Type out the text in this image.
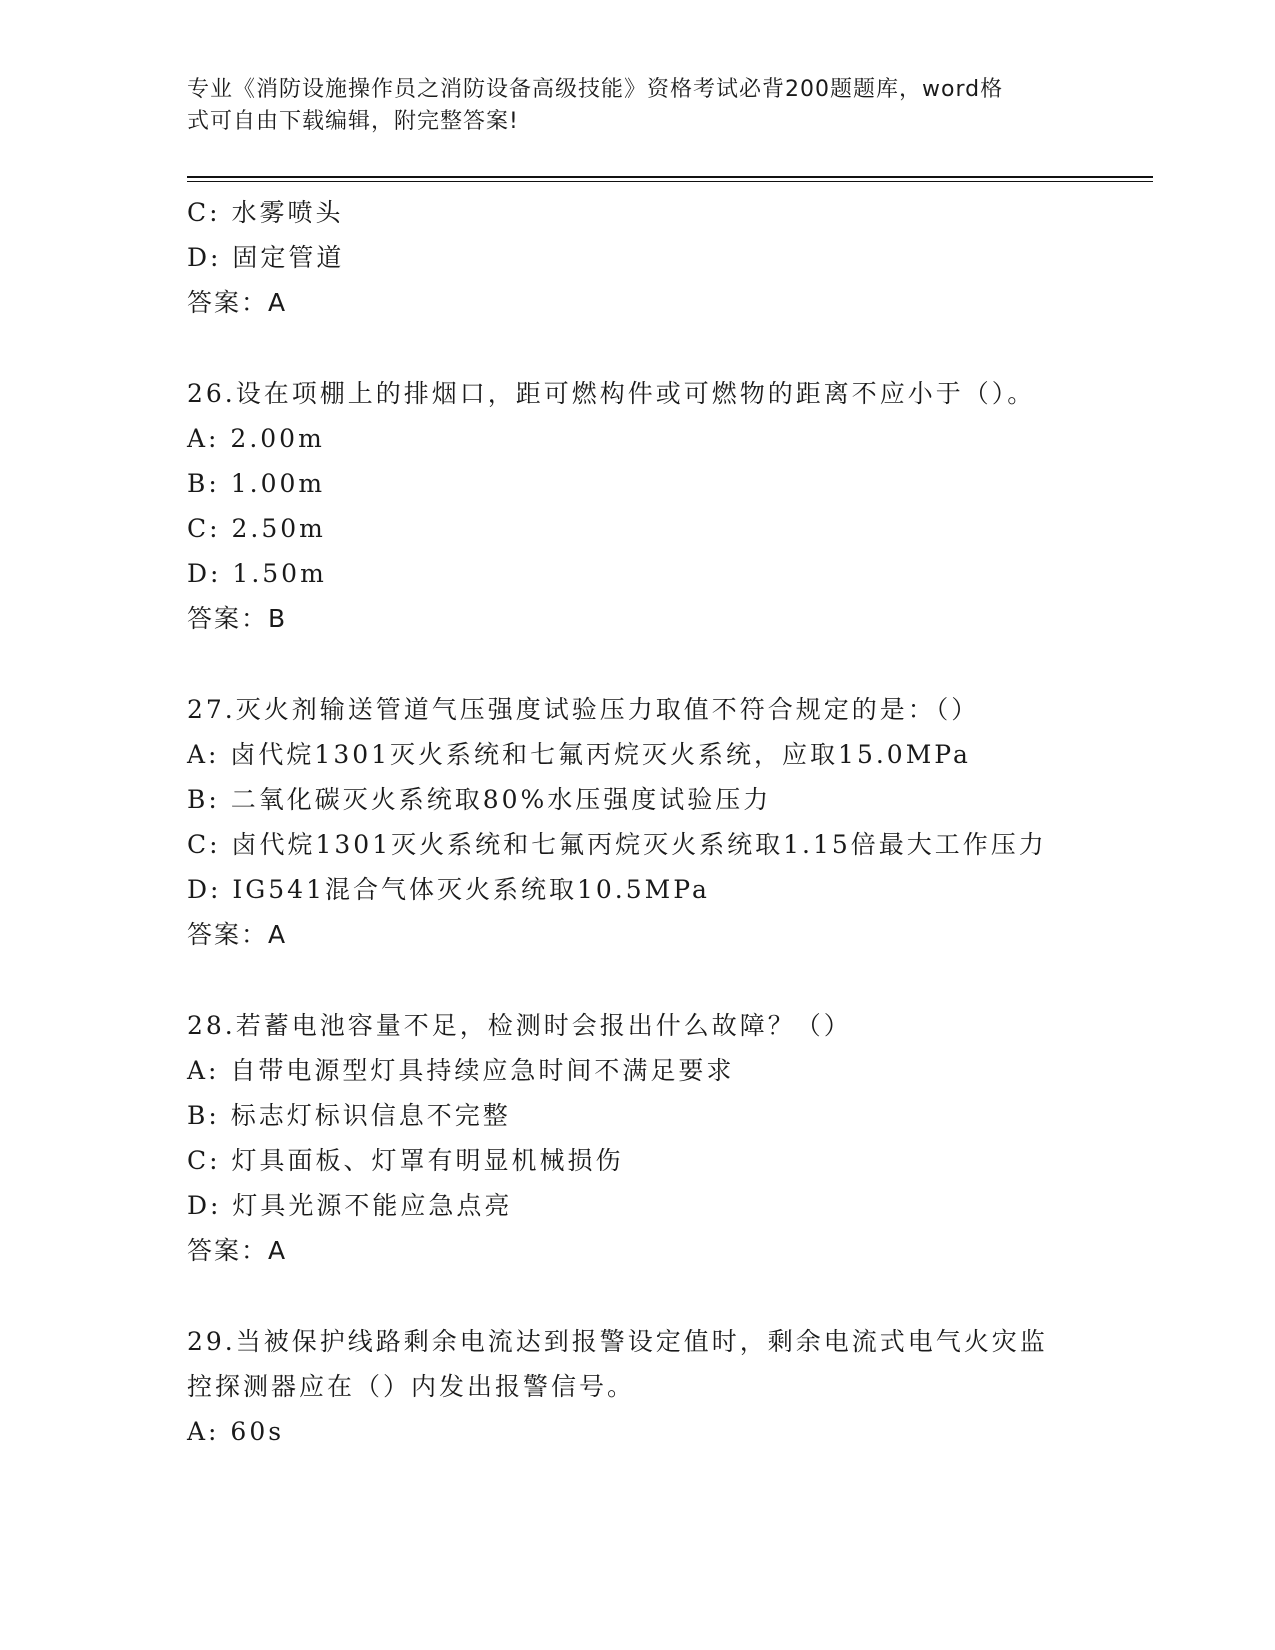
专业《消防设施操作员之消防设备高级技能》资格考试必背200题题库，word格
式可自由下载编辑，附完整答案!
C: 水雾喷头
D: 固定管道
答案：A
26.设在项棚上的排烟口，距可燃构件或可燃物的距离不应小于（）。
A: 2.00m
B: 1.00m
C: 2.50m
D: 1.50m
答案：B
27.灭火剂输送管道气压强度试验压力取值不符合规定的是：（）
A: 卤代烷1301灭火系统和七氟丙烷灭火系统，应取15.0MPa
B: 二氧化碳灭火系统取80%水压强度试验压力
C: 卤代烷1301灭火系统和七氟丙烷灭火系统取1.15倍最大工作压力
D: IG541混合气体灭火系统取10.5MPa
答案：A
28.若蓄电池容量不足，检测时会报出什么故障？（）
A: 自带电源型灯具持续应急时间不满足要求
B: 标志灯标识信息不完整
C: 灯具面板、灯罩有明显机械损伤
D: 灯具光源不能应急点亮
答案：A
29.当被保护线路剩余电流达到报警设定值时，剩余电流式电气火灾监
控探测器应在（）内发出报警信号。
A: 60s
